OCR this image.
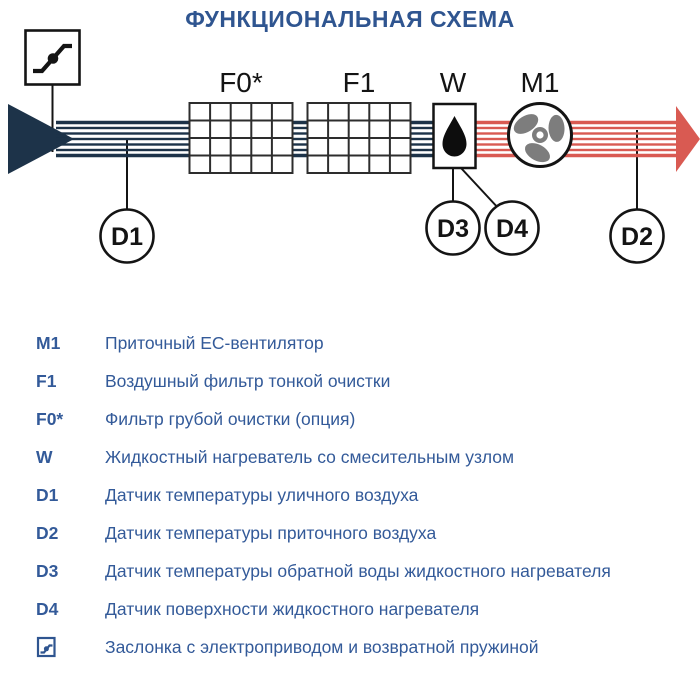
ФУНКЦИОНАЛЬНАЯ СХЕМА
F0*	F1 W M1
D1	D2
D3 D4
M1	Приточный ЕС-вентилятор
F1	Воздушный фильтр тонкой очистки
F0*	Фильтр грубой очистки (опция)
W	Жидкостный нагреватель со смесительным узлом
D1	Датчик температуры уличного воздуха
D2	Датчик температуры приточного воздуха
D3	Датчик температуры обратной воды жидкостного нагревателя
D4	Датчик поверхности жидкостного нагревателя
Заслонка с электроприводом и возвратной пружиной
